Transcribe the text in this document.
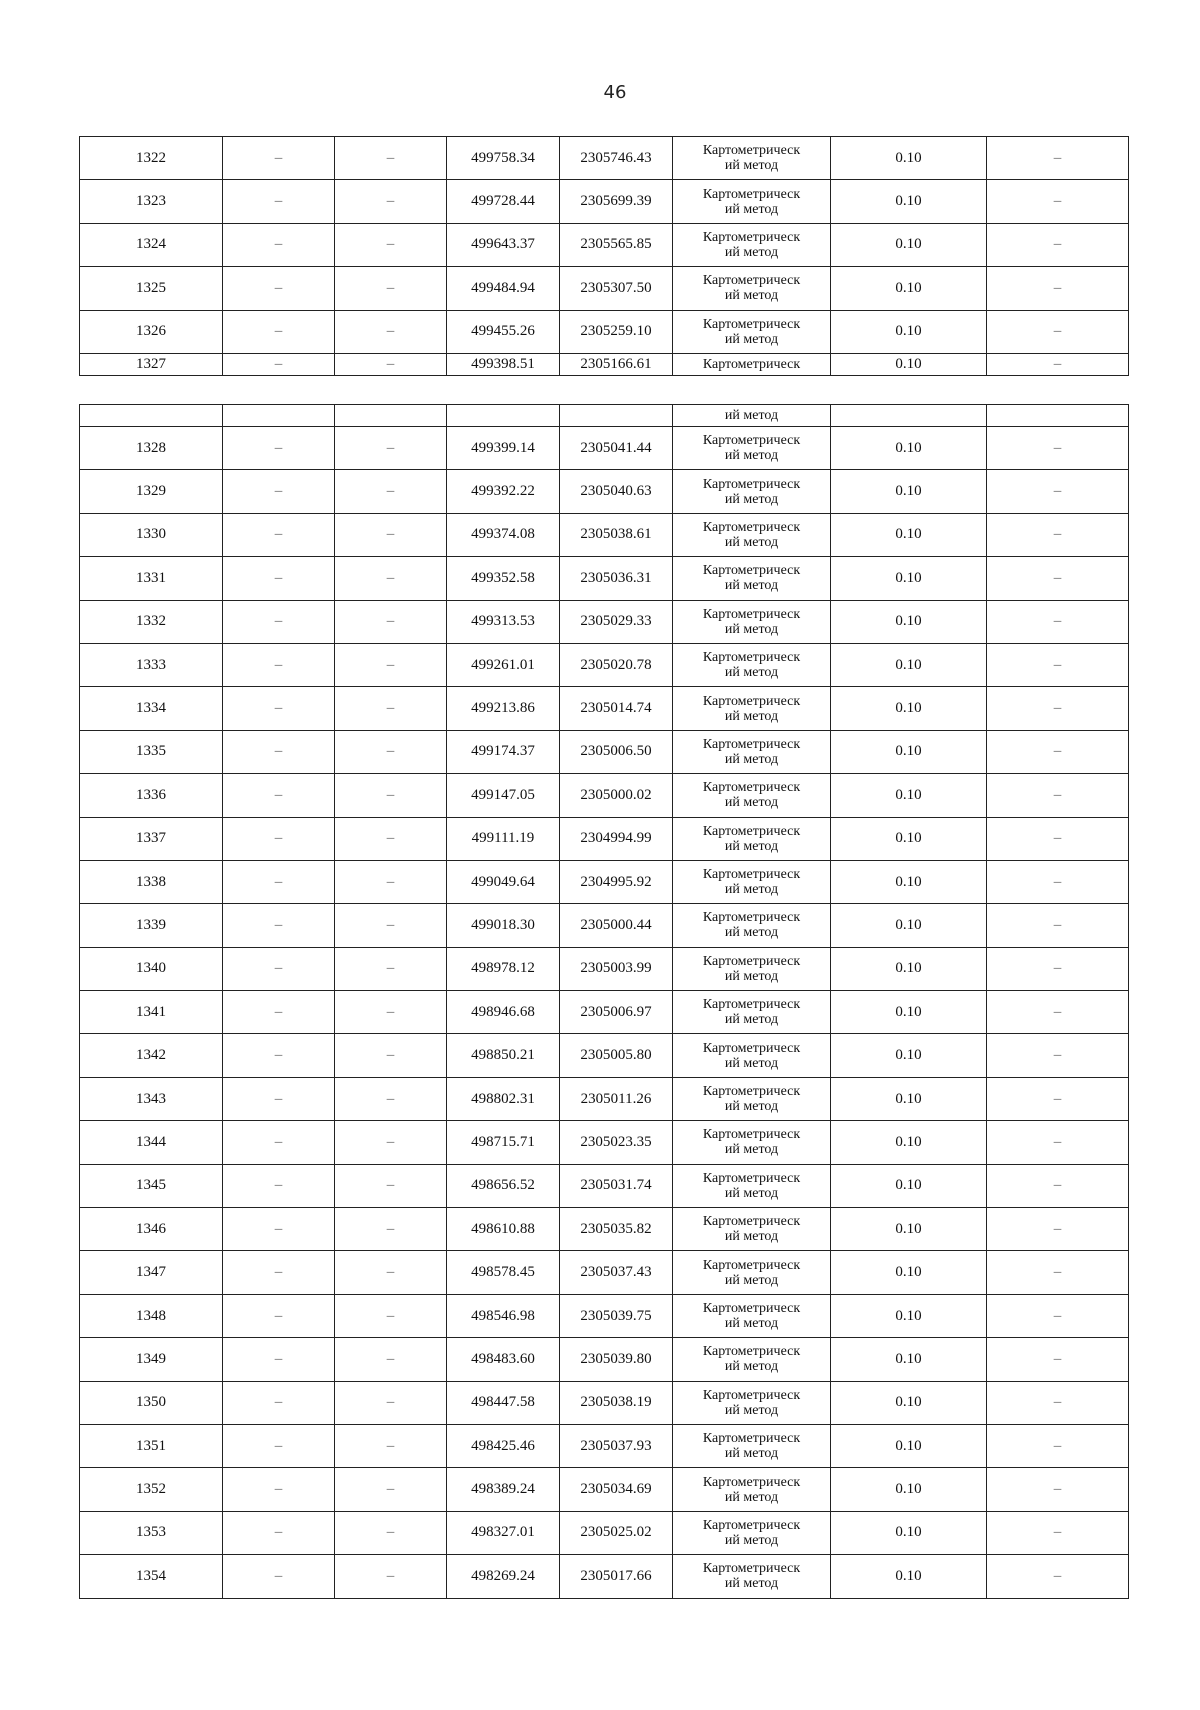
46
1322	–	–	499758.34	2305746.43	Картометрическ
ий метод	0.10	–
1323	–	–	499728.44	2305699.39	Картометрическ
ий метод	0.10	–
1324	–	–	499643.37	2305565.85	Картометрическ
ий метод	0.10	–
1325	–	–	499484.94	2305307.50	Картометрическ
ий метод	0.10	–
1326	–	–	499455.26	2305259.10	Картометрическ
ий метод	0.10	–
1327	–	–	499398.51	2305166.61	Картометрическ	0.10	–
					ий метод		
1328	–	–	499399.14	2305041.44	Картометрическ
ий метод	0.10	–
1329	–	–	499392.22	2305040.63	Картометрическ
ий метод	0.10	–
1330	–	–	499374.08	2305038.61	Картометрическ
ий метод	0.10	–
1331	–	–	499352.58	2305036.31	Картометрическ
ий метод	0.10	–
1332	–	–	499313.53	2305029.33	Картометрическ
ий метод	0.10	–
1333	–	–	499261.01	2305020.78	Картометрическ
ий метод	0.10	–
1334	–	–	499213.86	2305014.74	Картометрическ
ий метод	0.10	–
1335	–	–	499174.37	2305006.50	Картометрическ
ий метод	0.10	–
1336	–	–	499147.05	2305000.02	Картометрическ
ий метод	0.10	–
1337	–	–	499111.19	2304994.99	Картометрическ
ий метод	0.10	–
1338	–	–	499049.64	2304995.92	Картометрическ
ий метод	0.10	–
1339	–	–	499018.30	2305000.44	Картометрическ
ий метод	0.10	–
1340	–	–	498978.12	2305003.99	Картометрическ
ий метод	0.10	–
1341	–	–	498946.68	2305006.97	Картометрическ
ий метод	0.10	–
1342	–	–	498850.21	2305005.80	Картометрическ
ий метод	0.10	–
1343	–	–	498802.31	2305011.26	Картометрическ
ий метод	0.10	–
1344	–	–	498715.71	2305023.35	Картометрическ
ий метод	0.10	–
1345	–	–	498656.52	2305031.74	Картометрическ
ий метод	0.10	–
1346	–	–	498610.88	2305035.82	Картометрическ
ий метод	0.10	–
1347	–	–	498578.45	2305037.43	Картометрическ
ий метод	0.10	–
1348	–	–	498546.98	2305039.75	Картометрическ
ий метод	0.10	–
1349	–	–	498483.60	2305039.80	Картометрическ
ий метод	0.10	–
1350	–	–	498447.58	2305038.19	Картометрическ
ий метод	0.10	–
1351	–	–	498425.46	2305037.93	Картометрическ
ий метод	0.10	–
1352	–	–	498389.24	2305034.69	Картометрическ
ий метод	0.10	–
1353	–	–	498327.01	2305025.02	Картометрическ
ий метод	0.10	–
1354	–	–	498269.24	2305017.66	Картометрическ
ий метод	0.10	–
